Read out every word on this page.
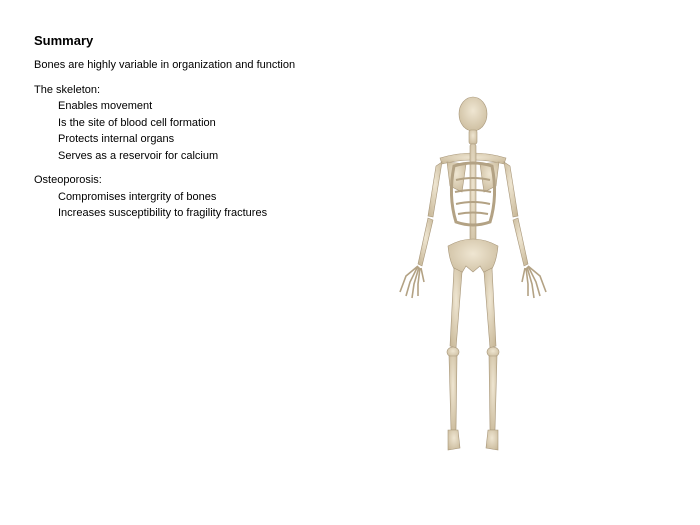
Summary
Bones are highly variable in organization and function
The skeleton:
Enables movement
Is the site of blood cell formation
Protects internal organs
Serves as a reservoir for calcium
Osteoporosis:
Compromises intergrity of bones
Increases susceptibility to fragility fractures
